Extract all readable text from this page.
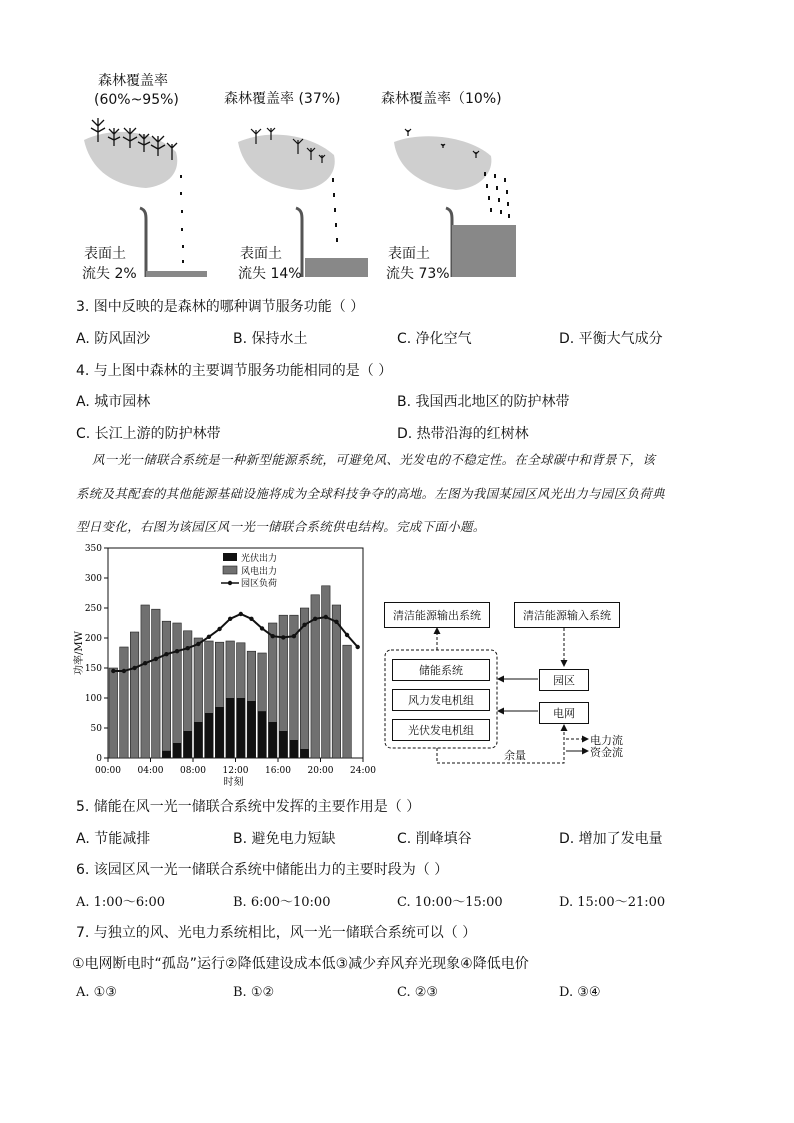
森林覆盖率
(60%~95%)	森林覆盖率 (37%)	森林覆盖率（10%)
表面土
流失 2%
表面土
流失 14%
表面土
流失 73%
3. 图中反映的是森林的哪种调节服务功能（ ）
A. 防风固沙	B. 保持水土	C. 净化空气	D. 平衡大气成分
4. 与上图中森林的主要调节服务功能相同的是（ ）
A. 城市园林	B. 我国西北地区的防护林带
C. 长江上游的防护林带	D. 热带沿海的红树林
风一光一储联合系统是一种新型能源系统，可避免风、光发电的不稳定性。在全球碳中和背景下，该
系统及其配套的其他能源基础设施将成为全球科技争夺的高地。左图为我国某园区风光出力与园区负荷典
型日变化，右图为该园区风一光一储联合系统供电结构。完成下面小题。
0
50
100
150
200
250
300
350
00:00 04:00 08:00 12:00 16:00 20:00 24:00
功率/MW
时刻
光伏出力
风电出力
园区负荷
清洁能源输出系统	清洁能源输入系统
储能系统
风力发电机组
光伏发电机组
园区
电网
余量
电力流
资金流
5. 储能在风一光一储联合系统中发挥的主要作用是（ ）
A. 节能减排	B. 避免电力短缺	C. 削峰填谷	D. 增加了发电量
6. 该园区风一光一储联合系统中储能出力的主要时段为（ ）
A. 1:00～6:00	B. 6:00～10:00	C. 10:00～15:00	D. 15:00～21:00
7. 与独立的风、光电力系统相比，风一光一储联合系统可以（ ）
①电网断电时“孤岛”运行②降低建设成本低③减少弃风弃光现象④降低电价
A. ①③	B. ①②	C. ②③	D. ③④
